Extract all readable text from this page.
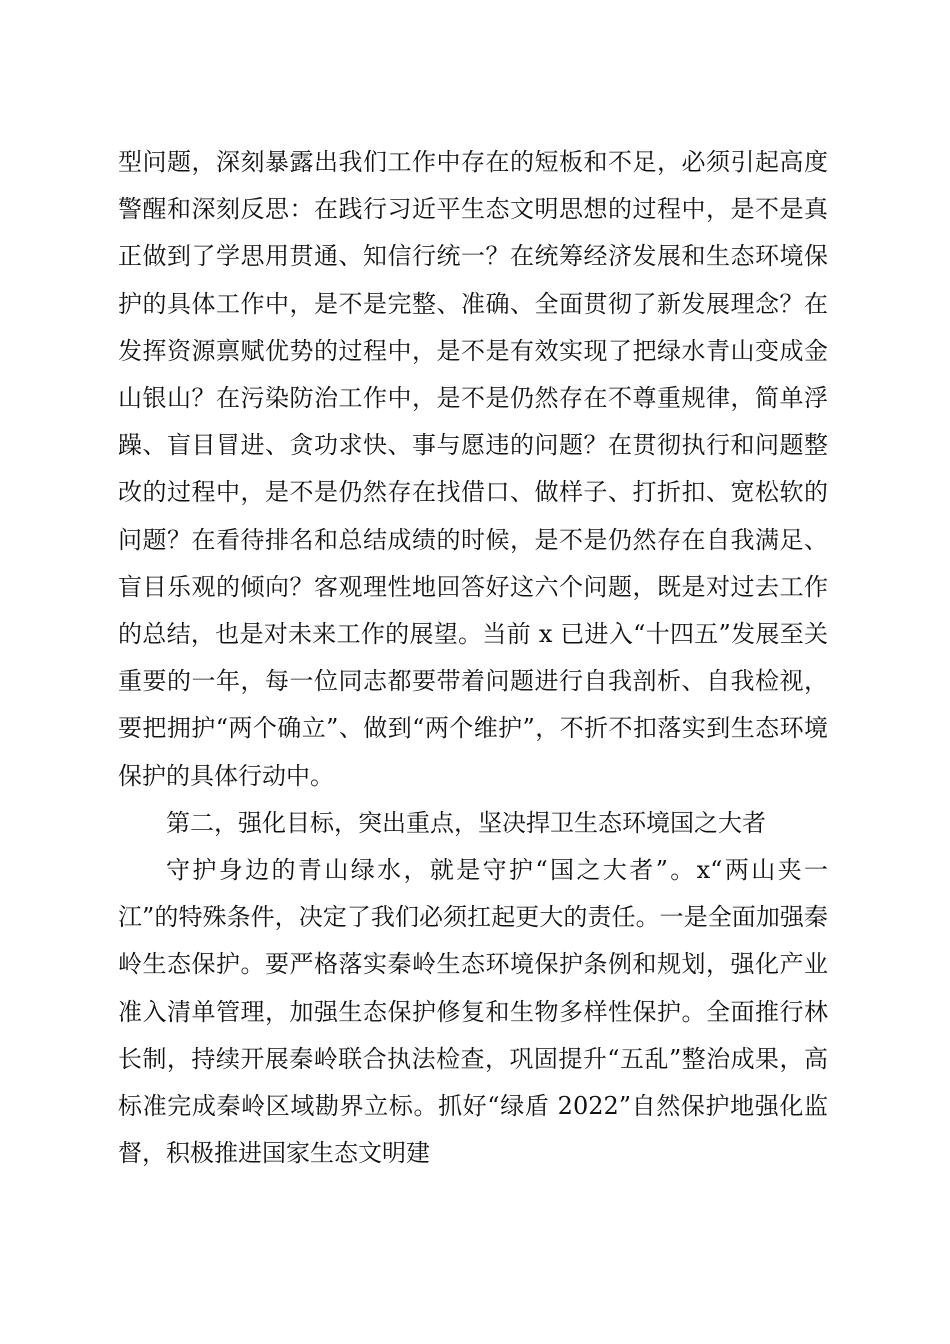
型问题，深刻暴露出我们工作中存在的短板和不足，必须引起高度警醒和深刻反思：在践行习近平生态文明思想的过程中，是不是真正做到了学思用贯通、知信行统一？在统筹经济发展和生态环境保护的具体工作中，是不是完整、准确、全面贯彻了新发展理念？在发挥资源禀赋优势的过程中，是不是有效实现了把绿水青山变成金山银山？在污染防治工作中，是不是仍然存在不尊重规律，简单浮躁、盲目冒进、贪功求快、事与愿违的问题？在贯彻执行和问题整改的过程中，是不是仍然存在找借口、做样子、打折扣、宽松软的问题？在看待排名和总结成绩的时候，是不是仍然存在自我满足、盲目乐观的倾向？客观理性地回答好这六个问题，既是对过去工作的总结，也是对未来工作的展望。当前 x 已进入“十四五”发展至关重要的一年，每一位同志都要带着问题进行自我剖析、自我检视，要把拥护“两个确立”、做到“两个维护”，不折不扣落实到生态环境保护的具体行动中。

第二，强化目标，突出重点，坚决捍卫生态环境国之大者

守护身边的青山绿水，就是守护“国之大者”。x“两山夹一江”的特殊条件，决定了我们必须扛起更大的责任。一是全面加强秦岭生态保护。要严格落实秦岭生态环境保护条例和规划，强化产业准入清单管理，加强生态保护修复和生物多样性保护。全面推行林长制，持续开展秦岭联合执法检查，巩固提升“五乱”整治成果，高标准完成秦岭区域勘界立标。抓好“绿盾 2022”自然保护地强化监督，积极推进国家生态文明建
